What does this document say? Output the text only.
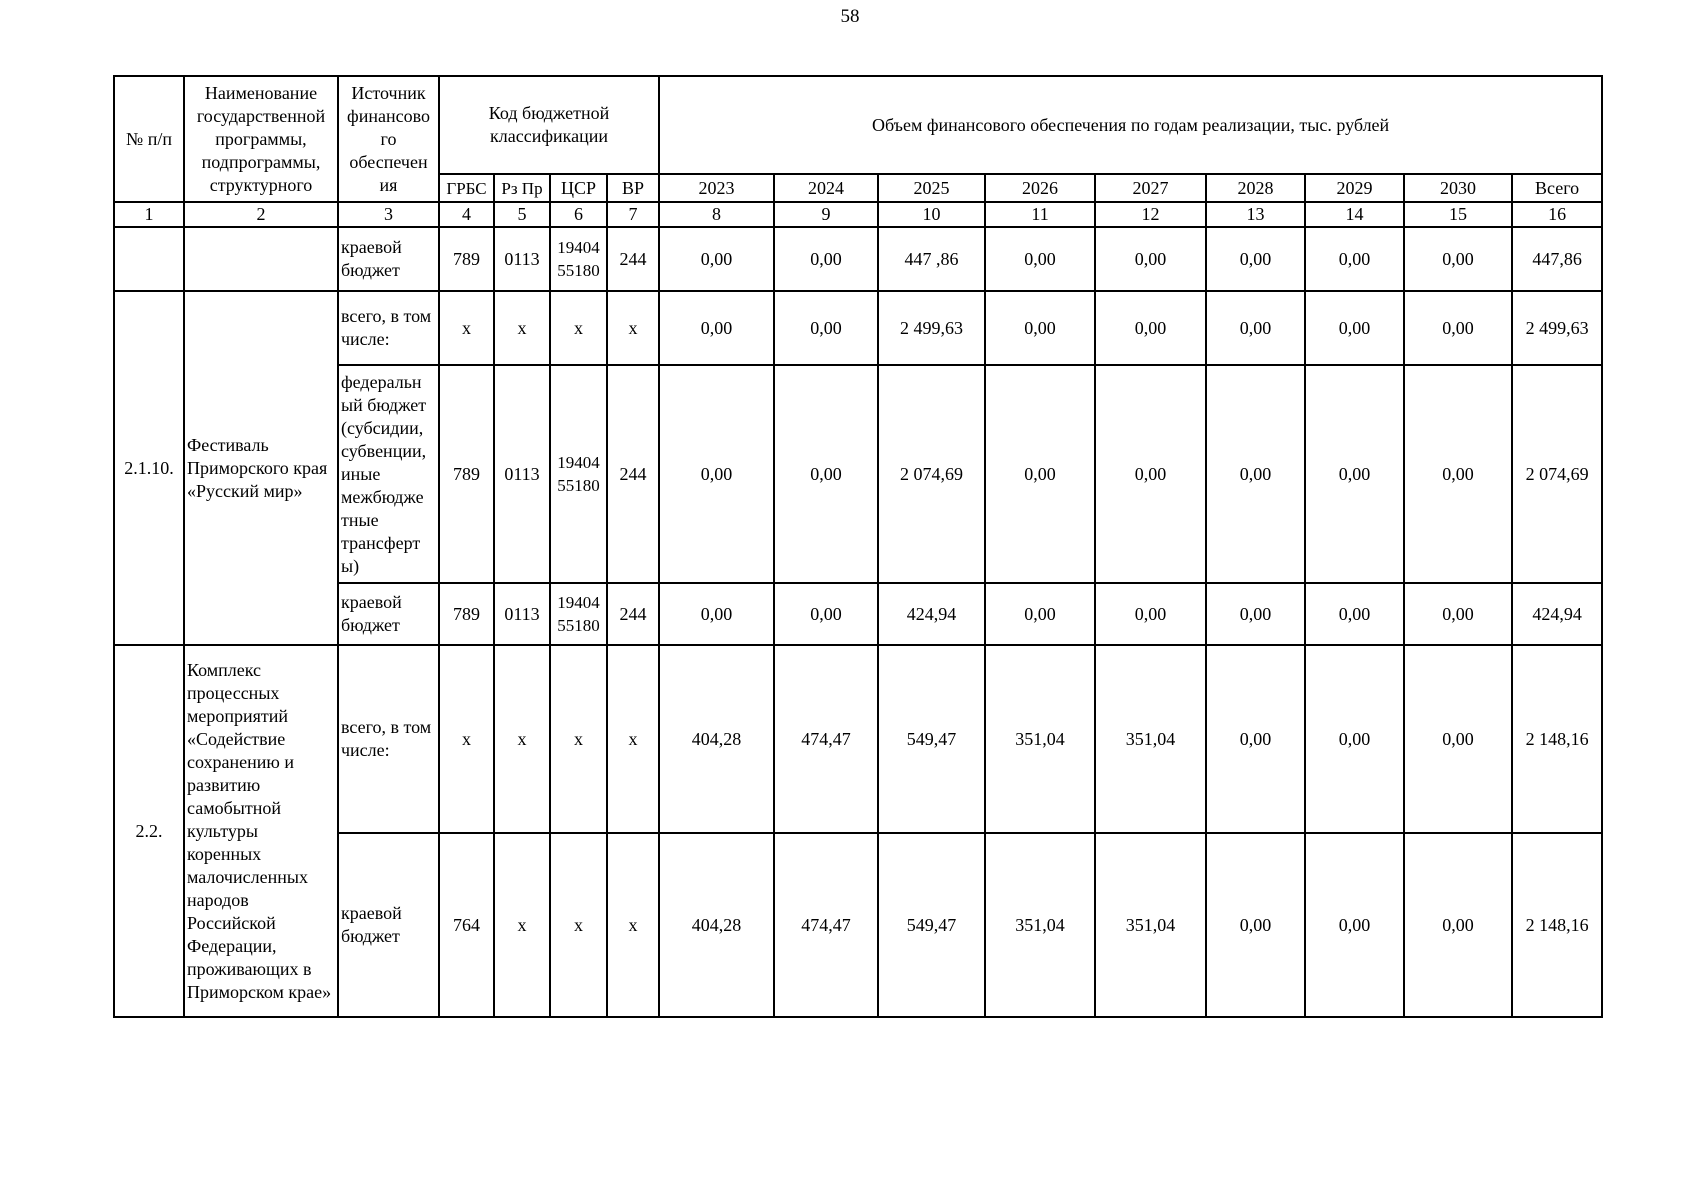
58
№ п/п	Наименование государственной программы, подпрограммы, структурного	Источник финансово го обеспечен ия	Код бюджетной классификации				Объем финансового обеспечения по годам реализации, тыс. рублей								
			ГРБС	Рз Пр	ЦСР	ВР	2023	2024	2025	2026	2027	2028	2029	2030	Всего
1	2	3	4	5	6	7	8	9	10	11	12	13	14	15	16
		краевой бюджет	789	0113	19404 55180	244	0,00	0,00	447 ,86	0,00	0,00	0,00	0,00	0,00	447,86
2.1.10.	Фестиваль Приморского края «Русский мир»	всего, в том числе:	х	х	х	х	0,00	0,00	2 499,63	0,00	0,00	0,00	0,00	0,00	2 499,63
		федеральн ый бюджет (субсидии, субвенции, иные межбюдже тные трансферт ы)	789	0113	19404 55180	244	0,00	0,00	2 074,69	0,00	0,00	0,00	0,00	0,00	2 074,69
		краевой бюджет	789	0113	19404 55180	244	0,00	0,00	424,94	0,00	0,00	0,00	0,00	0,00	424,94
2.2.	Комплекс процессных мероприятий «Содействие сохранению и развитию самобытной культуры коренных малочисленных народов Российской Федерации, проживающих в Приморском крае»	всего, в том числе:	х	х	х	х	404,28	474,47	549,47	351,04	351,04	0,00	0,00	0,00	2 148,16
		краевой бюджет	764	х	х	х	404,28	474,47	549,47	351,04	351,04	0,00	0,00	0,00	2 148,16
